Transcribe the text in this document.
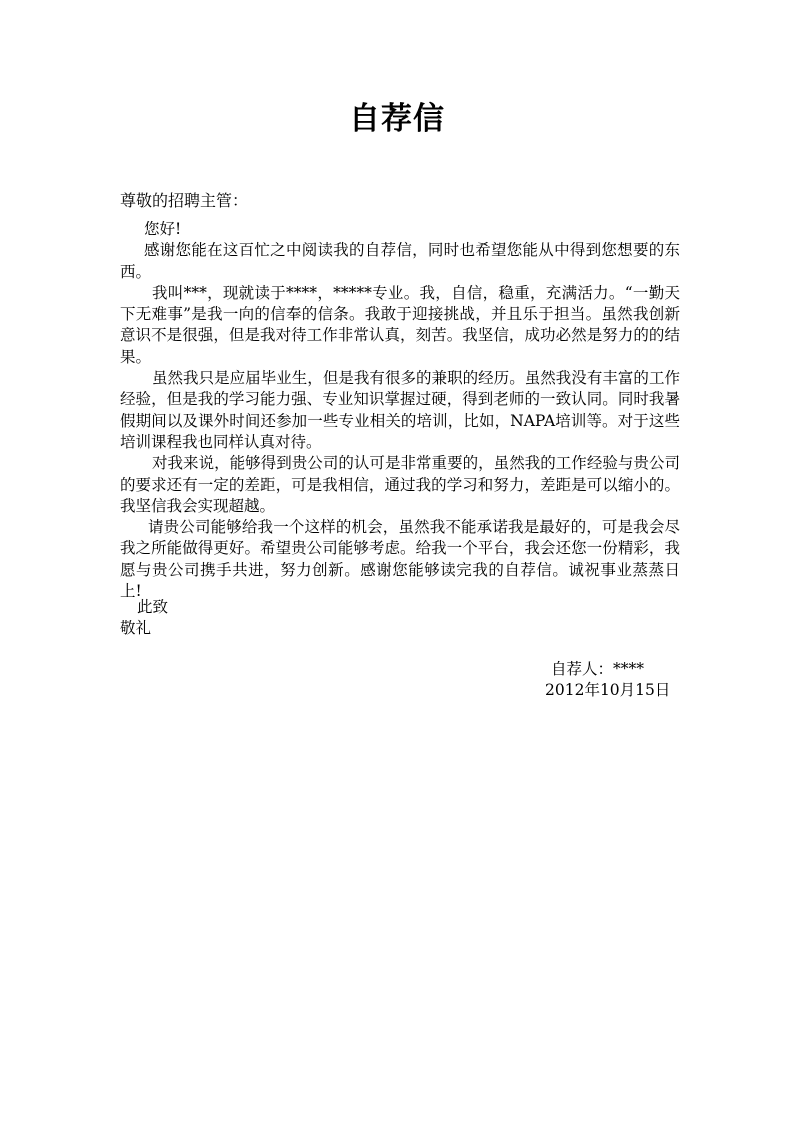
自荐信
尊敬的招聘主管：

您好!

感谢您能在这百忙之中阅读我的自荐信，同时也希望您能从中得到您想要的东西。

我叫***，现就读于****，*****专业。我，自信，稳重，充满活力。“一勤天下无难事”是我一向的信奉的信条。我敢于迎接挑战，并且乐于担当。虽然我创新意识不是很强，但是我对待工作非常认真，刻苦。我坚信，成功必然是努力的的结果。

虽然我只是应届毕业生，但是我有很多的兼职的经历。虽然我没有丰富的工作经验，但是我的学习能力强、专业知识掌握过硬，得到老师的一致认同。同时我暑假期间以及课外时间还参加一些专业相关的培训，比如，NAPA培训等。对于这些培训课程我也同样认真对待。

对我来说，能够得到贵公司的认可是非常重要的，虽然我的工作经验与贵公司的要求还有一定的差距，可是我相信，通过我的学习和努力，差距是可以缩小的。我坚信我会实现超越。

请贵公司能够给我一个这样的机会，虽然我不能承诺我是最好的，可是我会尽我之所能做得更好。希望贵公司能够考虑。给我一个平台，我会还您一份精彩，我愿与贵公司携手共进，努力创新。感谢您能够读完我的自荐信。诚祝事业蒸蒸日上!

此致
敬礼
自荐人：****
2012年10月15日
